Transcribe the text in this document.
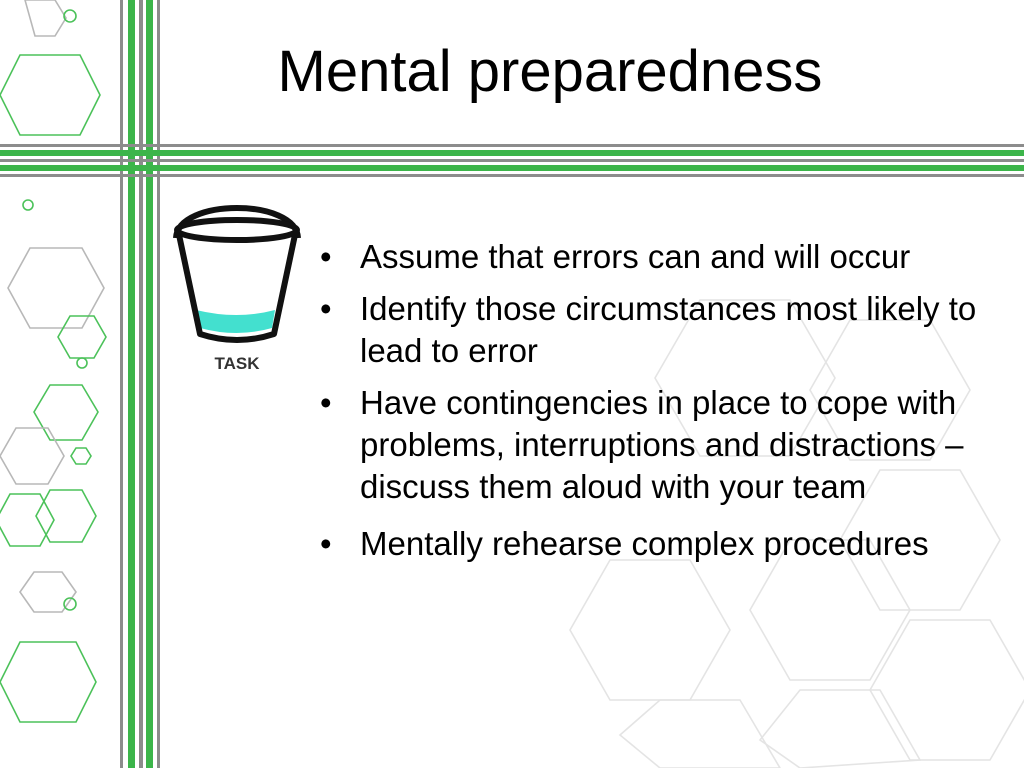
Mental preparedness
TASK
• Assume that errors can and will occur
• Identify those circumstances most likely to lead to error
• Have contingencies in place to cope with problems, interruptions and distractions – discuss them aloud with your team
• Mentally rehearse complex procedures
